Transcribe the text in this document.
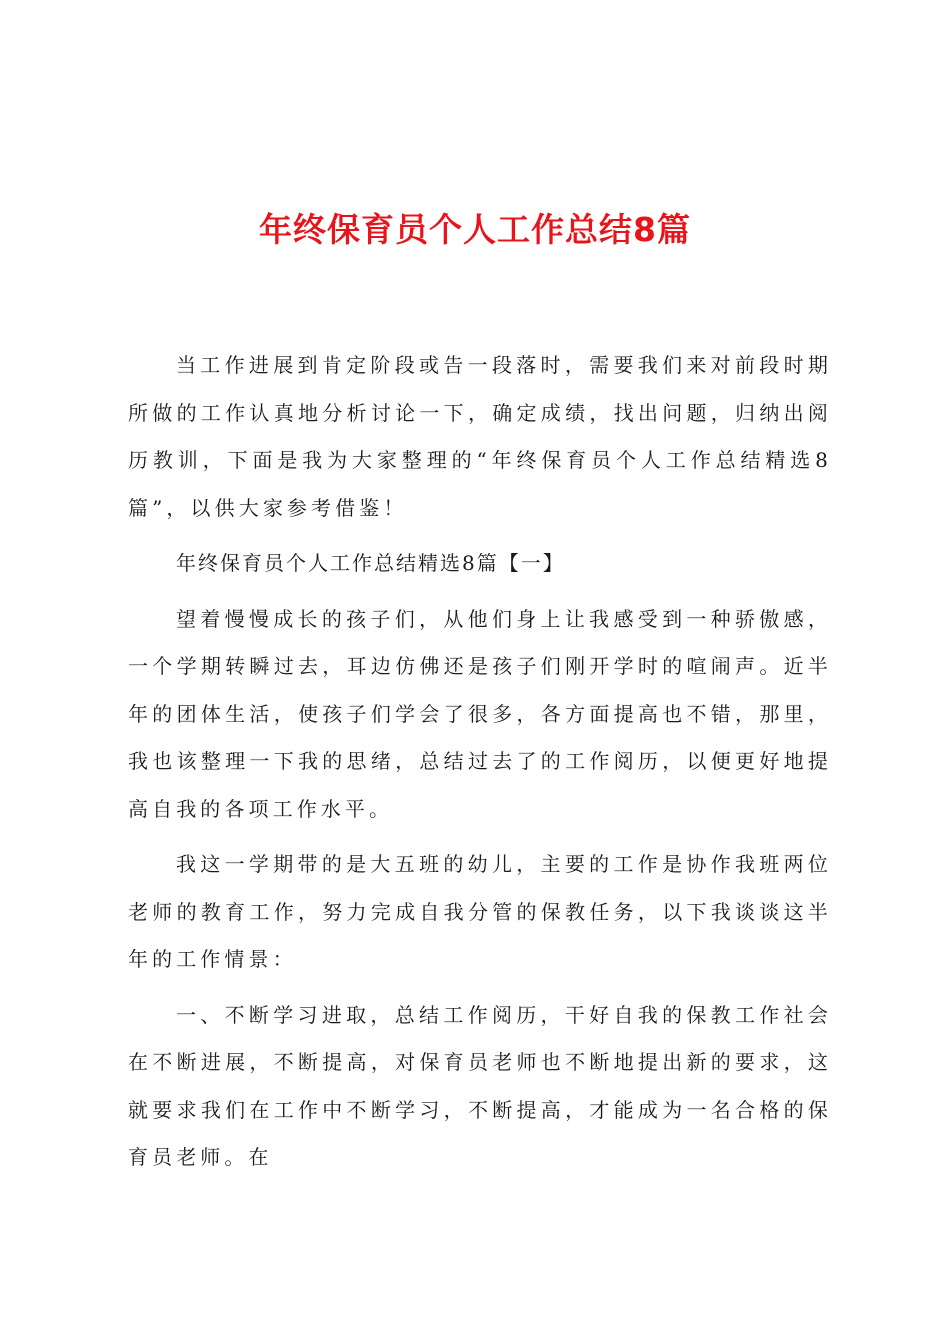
年终保育员个人工作总结8篇

当工作进展到肯定阶段或告一段落时，需要我们来对前段时期所做的工作认真地分析讨论一下，确定成绩，找出问题，归纳出阅历教训，下面是我为大家整理的“年终保育员个人工作总结精选8篇”，以供大家参考借鉴！

年终保育员个人工作总结精选8篇【一】

望着慢慢成长的孩子们，从他们身上让我感受到一种骄傲感，一个学期转瞬过去，耳边仿佛还是孩子们刚开学时的喧闹声。近半年的团体生活，使孩子们学会了很多，各方面提高也不错，那里，我也该整理一下我的思绪，总结过去了的工作阅历，以便更好地提高自我的各项工作水平。

我这一学期带的是大五班的幼儿，主要的工作是协作我班两位老师的教育工作，努力完成自我分管的保教任务，以下我谈谈这半年的工作情景：

一、不断学习进取，总结工作阅历，干好自我的保教工作社会在不断进展，不断提高，对保育员老师也不断地提出新的要求，这就要求我们在工作中不断学习，不断提高，才能成为一名合格的保育员老师。在
